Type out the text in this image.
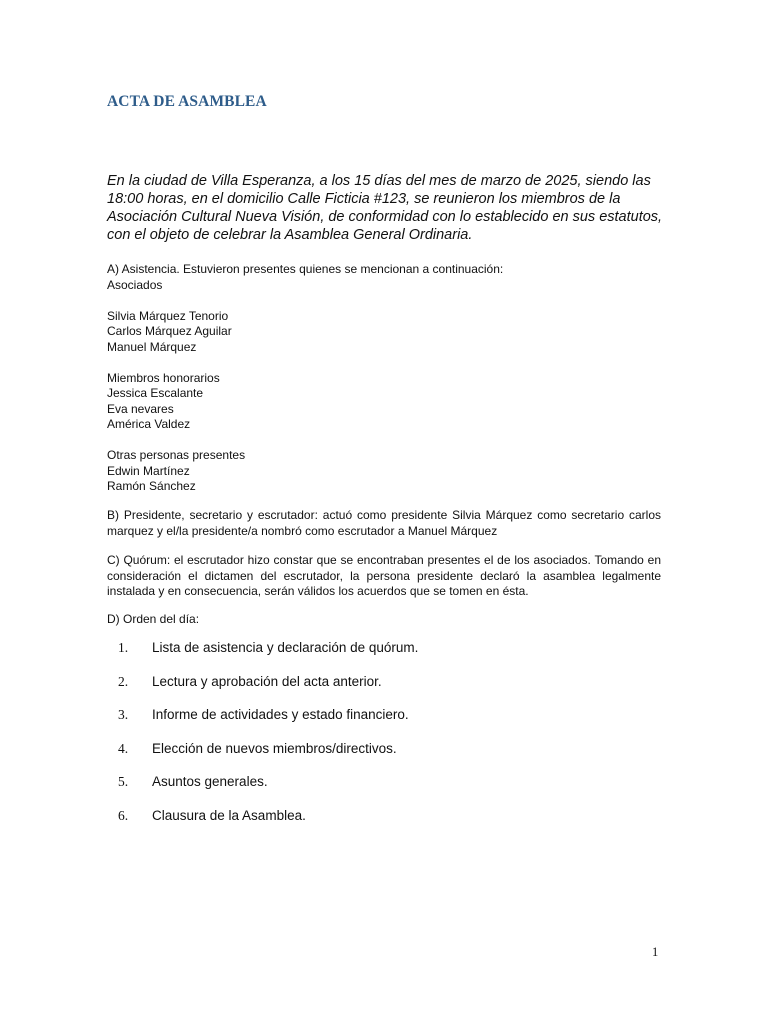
ACTA DE ASAMBLEA

En la ciudad de Villa Esperanza, a los 15 días del mes de marzo de 2025, siendo las 18:00 horas, en el domicilio Calle Ficticia #123, se reunieron los miembros de la Asociación Cultural Nueva Visión, de conformidad con lo establecido en sus estatutos, con el objeto de celebrar la Asamblea General Ordinaria.

A) Asistencia. Estuvieron presentes quienes se mencionan a continuación:
Asociados
Silvia Márquez Tenorio
Carlos Márquez Aguilar
Manuel Márquez
Miembros honorarios
Jessica Escalante
Eva nevares
América Valdez
Otras personas presentes
Edwin Martínez
Ramón Sánchez

B) Presidente, secretario y escrutador: actuó como presidente Silvia Márquez como secretario carlos marquez y el/la presidente/a nombró como escrutador a Manuel Márquez

C) Quórum: el escrutador hizo constar que se encontraban presentes el de los asociados. Tomando en consideración el dictamen del escrutador, la persona presidente declaró la asamblea legalmente instalada y en consecuencia, serán válidos los acuerdos que se tomen en ésta.

D) Orden del día:
1. Lista de asistencia y declaración de quórum.
2. Lectura y aprobación del acta anterior.
3. Informe de actividades y estado financiero.
4. Elección de nuevos miembros/directivos.
5. Asuntos generales.
6. Clausura de la Asamblea.
1
